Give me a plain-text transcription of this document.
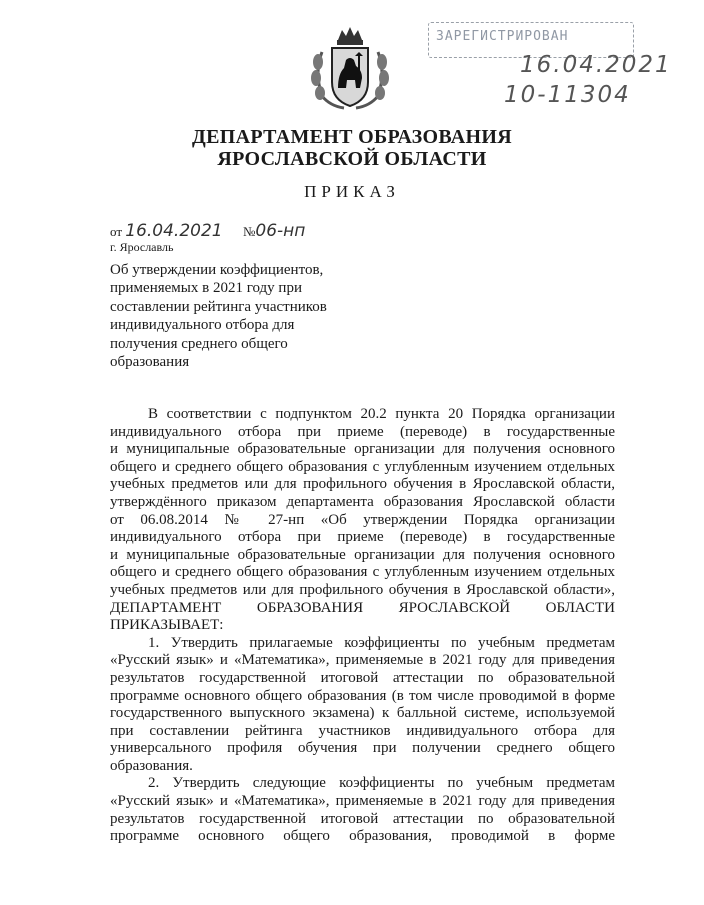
ЗАРЕГИСТРИРОВАН
16.04.2021
10-11304
ДЕПАРТАМЕНТ ОБРАЗОВАНИЯ
ЯРОСЛАВСКОЙ ОБЛАСТИ
ПРИКАЗ
от 16.04.2021 №06-нп
г. Ярославль
Об утверждении коэффициентов,
применяемых в 2021 году при
составлении рейтинга участников
индивидуального отбора для
получения среднего общего
образования
В соответствии с подпунктом 20.2 пункта 20 Порядка организации
индивидуального отбора при приеме (переводе) в государственные
и муниципальные образовательные организации для получения основного
общего и среднего общего образования с углубленным изучением отдельных
учебных предметов или для профильного обучения в Ярославской области,
утверждённого приказом департамента образования Ярославской области
от 06.08.2014 № 27-нп «Об утверждении Порядка организации
индивидуального отбора при приеме (переводе) в государственные
и муниципальные образовательные организации для получения основного
общего и среднего общего образования с углубленным изучением отдельных
учебных предметов или для профильного обучения в Ярославской области»,
ДЕПАРТАМЕНТ ОБРАЗОВАНИЯ ЯРОСЛАВСКОЙ ОБЛАСТИ
ПРИКАЗЫВАЕТ:
1. Утвердить прилагаемые коэффициенты по учебным предметам
«Русский язык» и «Математика», применяемые в 2021 году для приведения
результатов государственной итоговой аттестации по образовательной
программе основного общего образования (в том числе проводимой в форме
государственного выпускного экзамена) к балльной системе, используемой
при составлении рейтинга участников индивидуального отбора для
универсального профиля обучения при получении среднего общего
образования.
2. Утвердить следующие коэффициенты по учебным предметам
«Русский язык» и «Математика», применяемые в 2021 году для приведения
результатов государственной итоговой аттестации по образовательной
программе основного общего образования, проводимой в форме
